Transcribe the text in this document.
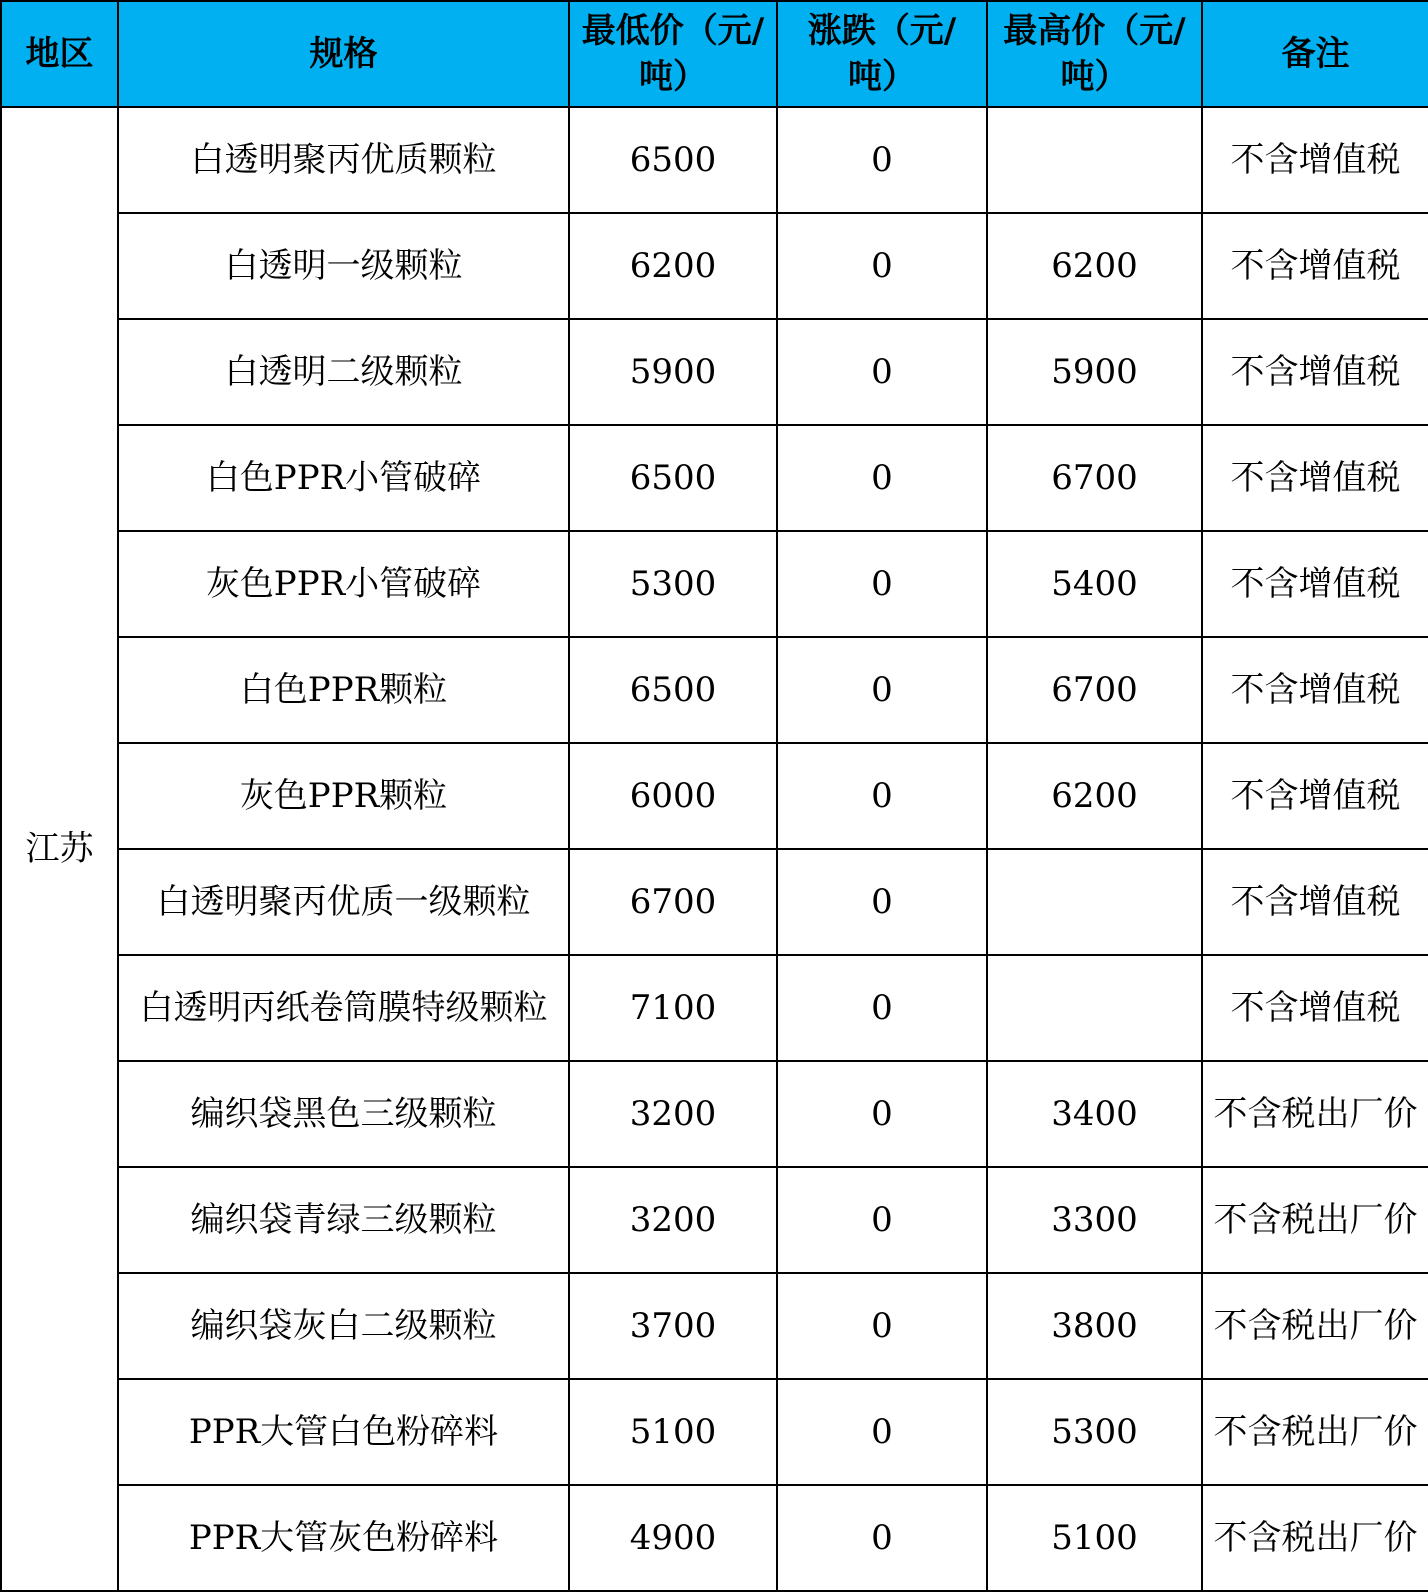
地区	规格	最低价（元/吨）	涨跌（元/吨）	最高价（元/吨）	备注
江苏	白透明聚丙优质颗粒	6500	0		不含增值税
	白透明一级颗粒	6200	0	6200	不含增值税
	白透明二级颗粒	5900	0	5900	不含增值税
	白色PPR小管破碎	6500	0	6700	不含增值税
	灰色PPR小管破碎	5300	0	5400	不含增值税
	白色PPR颗粒	6500	0	6700	不含增值税
	灰色PPR颗粒	6000	0	6200	不含增值税
	白透明聚丙优质一级颗粒	6700	0		不含增值税
	白透明丙纸卷筒膜特级颗粒	7100	0		不含增值税
	编织袋黑色三级颗粒	3200	0	3400	不含税出厂价
	编织袋青绿三级颗粒	3200	0	3300	不含税出厂价
	编织袋灰白二级颗粒	3700	0	3800	不含税出厂价
	PPR大管白色粉碎料	5100	0	5300	不含税出厂价
	PPR大管灰色粉碎料	4900	0	5100	不含税出厂价
